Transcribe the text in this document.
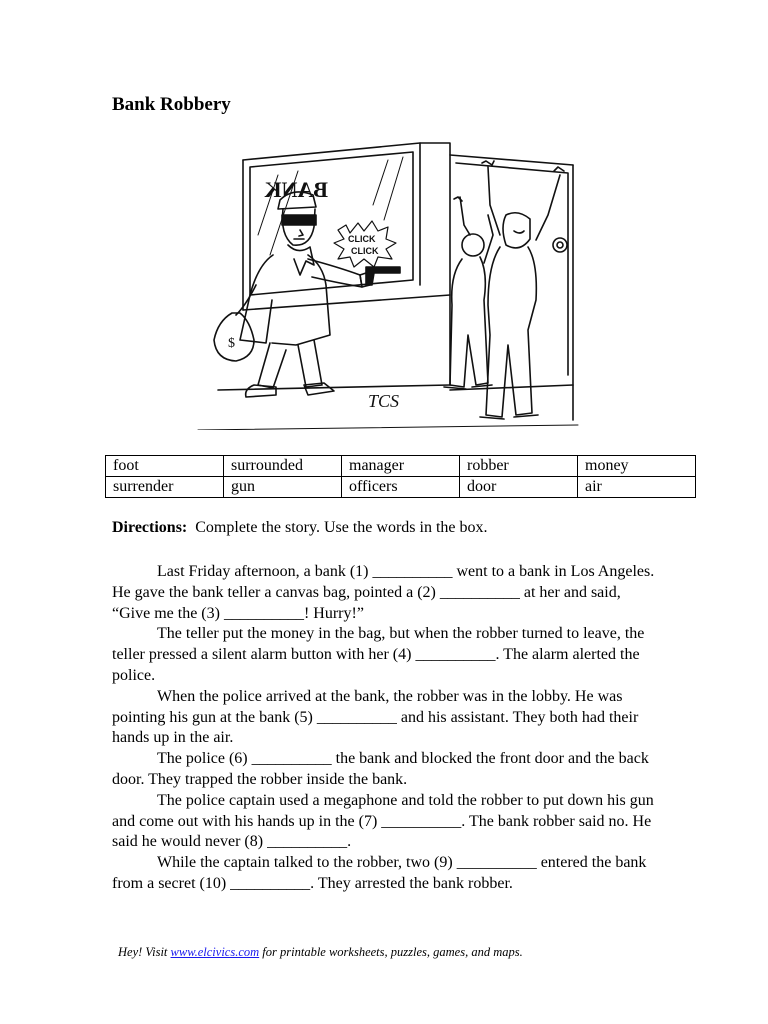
Bank Robbery
BANK
$
CLICK
CLICK
TCS
foot	surrounded	manager	robber	money
surrender	gun	officers	door	air
Directions: Complete the story. Use the words in the box.

Last Friday afternoon, a bank (1) __________ went to a bank in Los Angeles. He gave the bank teller a canvas bag, pointed a (2) __________ at her and said, “Give me the (3) __________! Hurry!”

The teller put the money in the bag, but when the robber turned to leave, the teller pressed a silent alarm button with her (4) __________. The alarm alerted the police.

When the police arrived at the bank, the robber was in the lobby. He was pointing his gun at the bank (5) __________ and his assistant. They both had their hands up in the air.

The police (6) __________ the bank and blocked the front door and the back door. They trapped the robber inside the bank.

The police captain used a megaphone and told the robber to put down his gun and come out with his hands up in the (7) __________. The bank robber said no. He said he would never (8) __________.

While the captain talked to the robber, two (9) __________ entered the bank from a secret (10) __________. They arrested the bank robber.

Hey! Visit www.elcivics.com for printable worksheets, puzzles, games, and maps.
